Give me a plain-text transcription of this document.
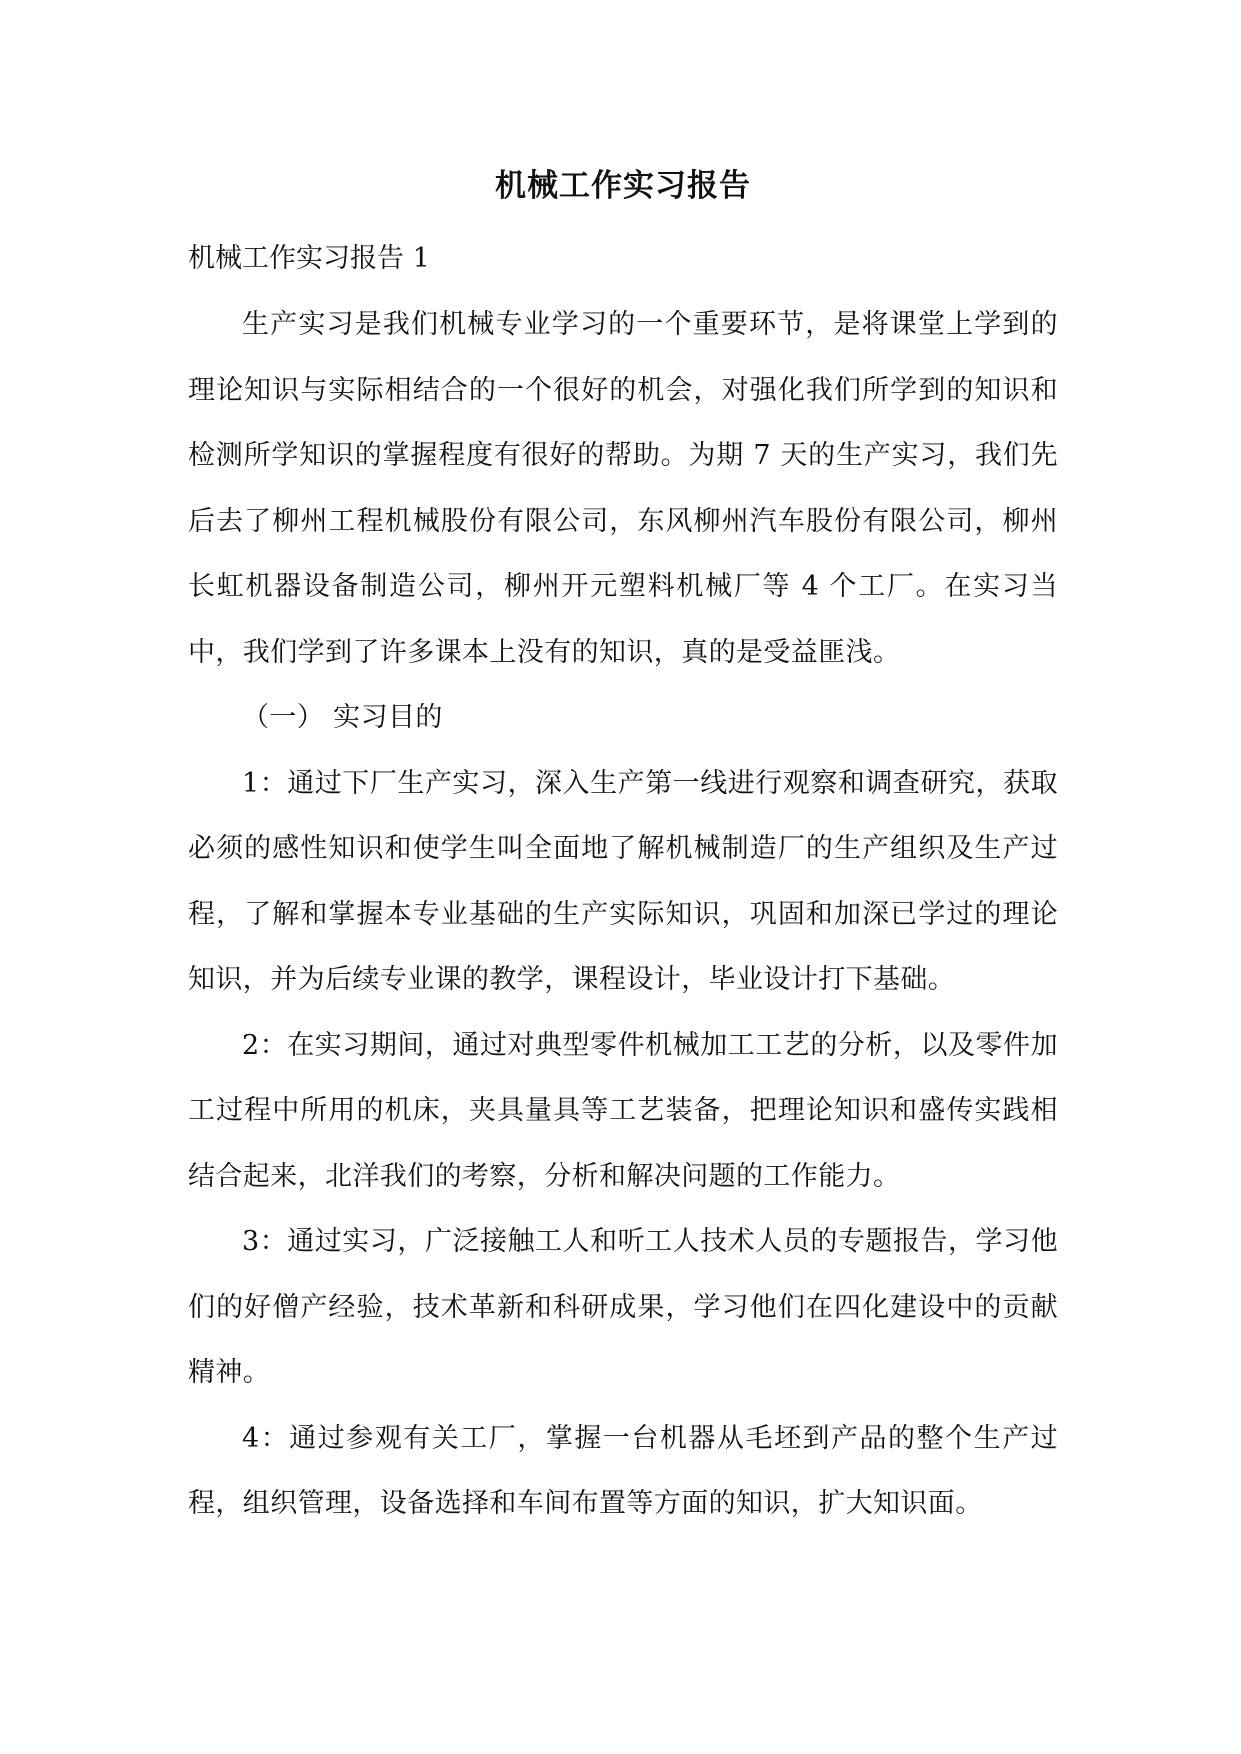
机械工作实习报告

机械工作实习报告 1

生产实习是我们机械专业学习的一个重要环节，是将课堂上学到的理论知识与实际相结合的一个很好的机会，对强化我们所学到的知识和检测所学知识的掌握程度有很好的帮助。为期 7 天的生产实习，我们先后去了柳州工程机械股份有限公司，东风柳州汽车股份有限公司，柳州长虹机器设备制造公司，柳州开元塑料机械厂等 4 个工厂。在实习当中，我们学到了许多课本上没有的知识，真的是受益匪浅。

（一） 实习目的

1：通过下厂生产实习，深入生产第一线进行观察和调查研究，获取必须的感性知识和使学生叫全面地了解机械制造厂的生产组织及生产过程，了解和掌握本专业基础的生产实际知识，巩固和加深已学过的理论知识，并为后续专业课的教学，课程设计，毕业设计打下基础。

2：在实习期间，通过对典型零件机械加工工艺的分析，以及零件加工过程中所用的机床，夹具量具等工艺装备，把理论知识和盛传实践相结合起来，北洋我们的考察，分析和解决问题的工作能力。

3：通过实习，广泛接触工人和听工人技术人员的专题报告，学习他们的好僧产经验，技术革新和科研成果，学习他们在四化建设中的贡献精神。

4：通过参观有关工厂，掌握一台机器从毛坯到产品的整个生产过程，组织管理，设备选择和车间布置等方面的知识，扩大知识面。
